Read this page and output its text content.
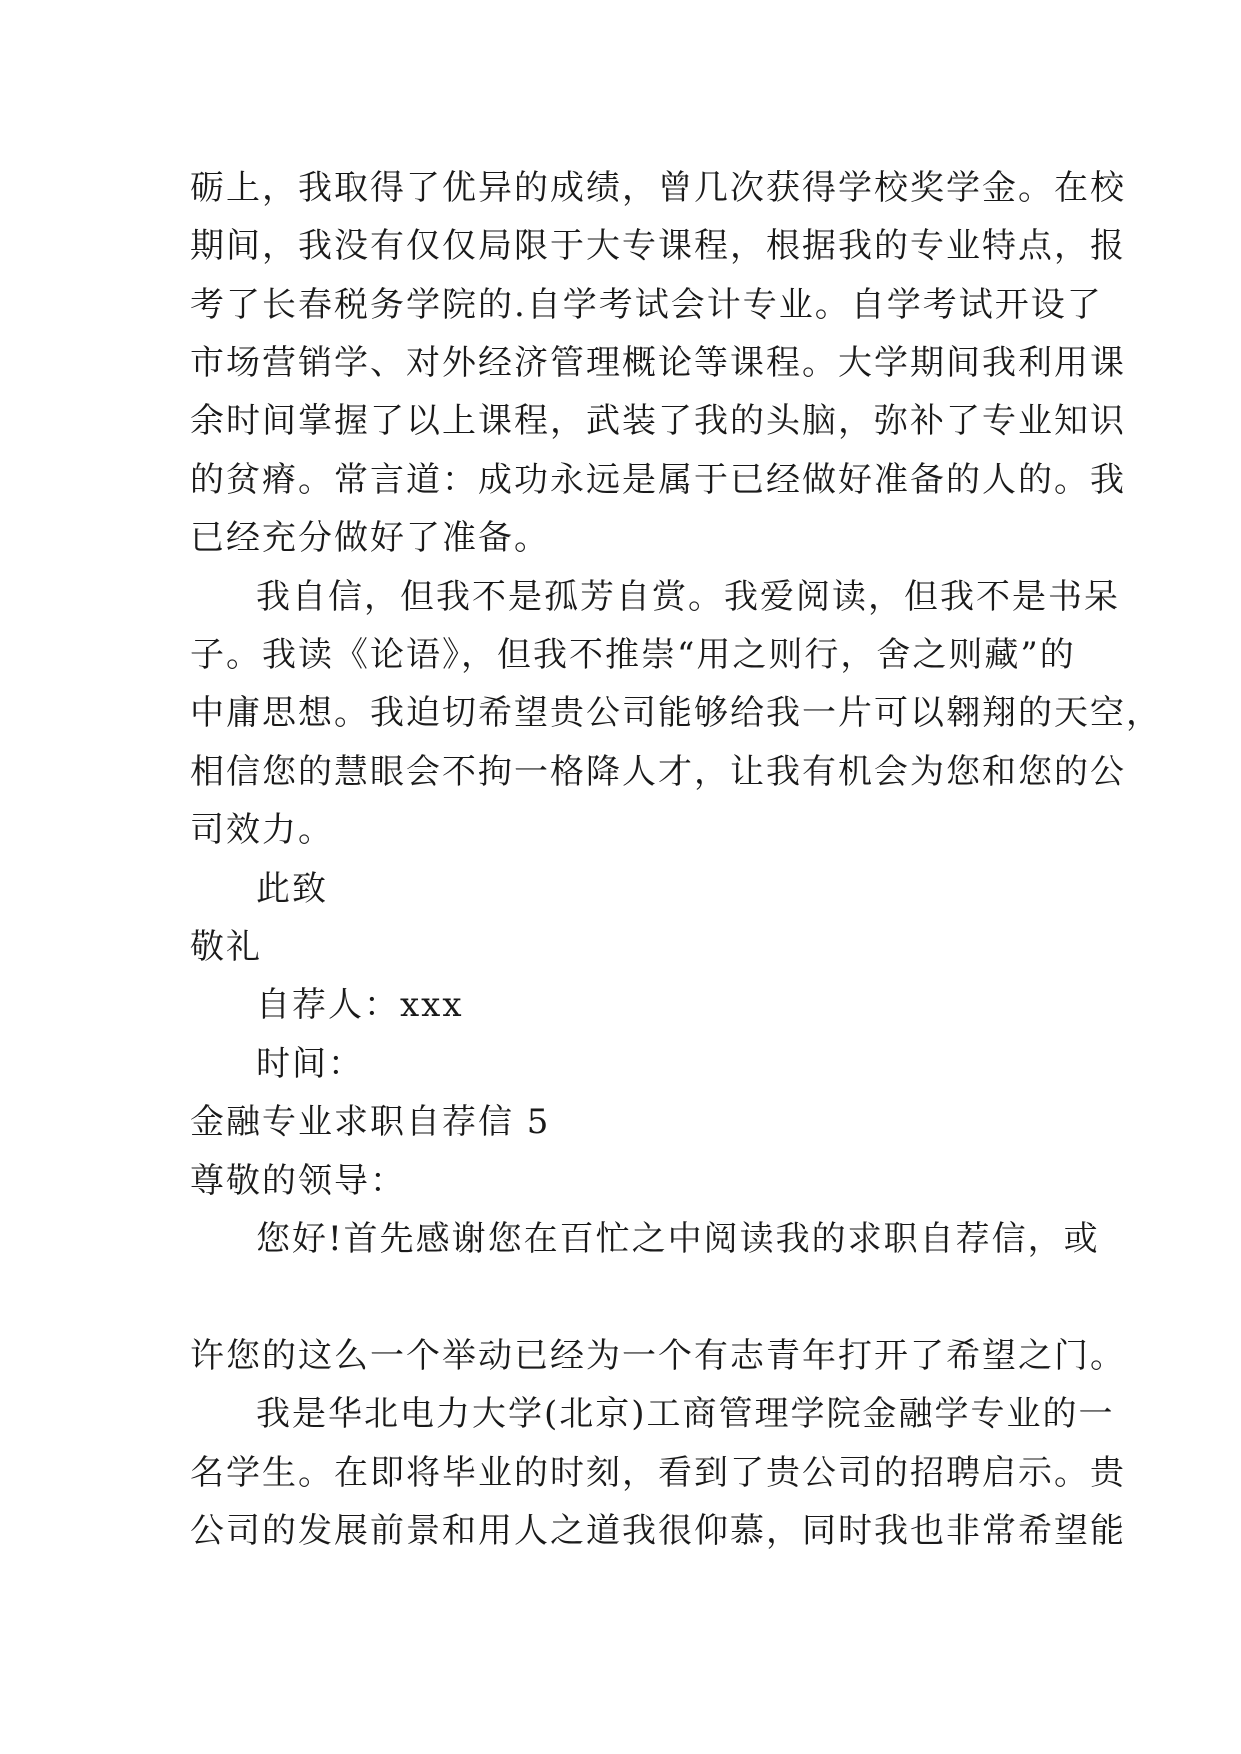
砺上，我取得了优异的成绩，曾几次获得学校奖学金。在校
期间，我没有仅仅局限于大专课程，根据我的专业特点，报
考了长春税务学院的.自学考试会计专业。自学考试开设了
市场营销学、对外经济管理概论等课程。大学期间我利用课
余时间掌握了以上课程，武装了我的头脑，弥补了专业知识
的贫瘠。常言道：成功永远是属于已经做好准备的人的。我
已经充分做好了准备。
我自信，但我不是孤芳自赏。我爱阅读，但我不是书呆
子。我读《论语》，但我不推崇“用之则行，舍之则藏”的
中庸思想。我迫切希望贵公司能够给我一片可以翱翔的天空，
相信您的慧眼会不拘一格降人才，让我有机会为您和您的公
司效力。
此致
敬礼
自荐人：xxx
时间：
金融专业求职自荐信 5
尊敬的领导：
您好!首先感谢您在百忙之中阅读我的求职自荐信，或
许您的这么一个举动已经为一个有志青年打开了希望之门。
我是华北电力大学(北京)工商管理学院金融学专业的一
名学生。在即将毕业的时刻，看到了贵公司的招聘启示。贵
公司的发展前景和用人之道我很仰慕，同时我也非常希望能
